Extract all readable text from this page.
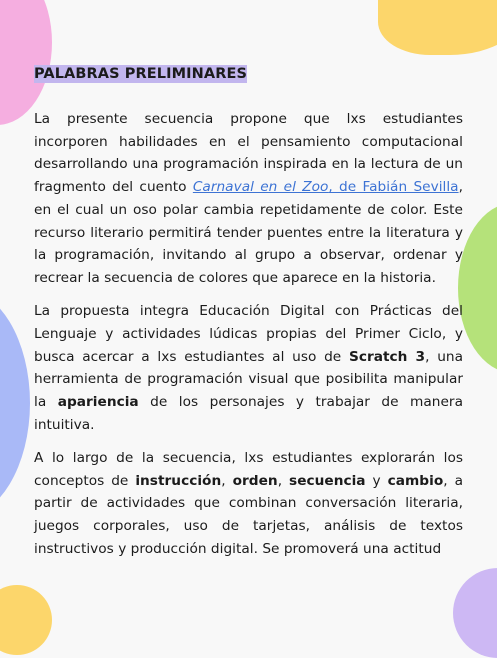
PALABRAS PRELIMINARES

La presente secuencia propone que lxs estudiantes incorporen habilidades en el pensamiento computacional desarrollando una programación inspirada en la lectura de un fragmento del cuento Carnaval en el Zoo, de Fabián Sevilla, en el cual un oso polar cambia repetidamente de color. Este recurso literario permitirá tender puentes entre la literatura y la programación, invitando al grupo a observar, ordenar y recrear la secuencia de colores que aparece en la historia.

La propuesta integra Educación Digital con Prácticas del Lenguaje y actividades lúdicas propias del Primer Ciclo, y busca acercar a lxs estudiantes al uso de Scratch 3, una herramienta de programación visual que posibilita manipular la apariencia de los personajes y trabajar de manera intuitiva.

A lo largo de la secuencia, lxs estudiantes explorarán los conceptos de instrucción, orden, secuencia y cambio, a partir de actividades que combinan conversación literaria, juegos corporales, uso de tarjetas, análisis de textos instructivos y producción digital. Se promoverá una actitud
